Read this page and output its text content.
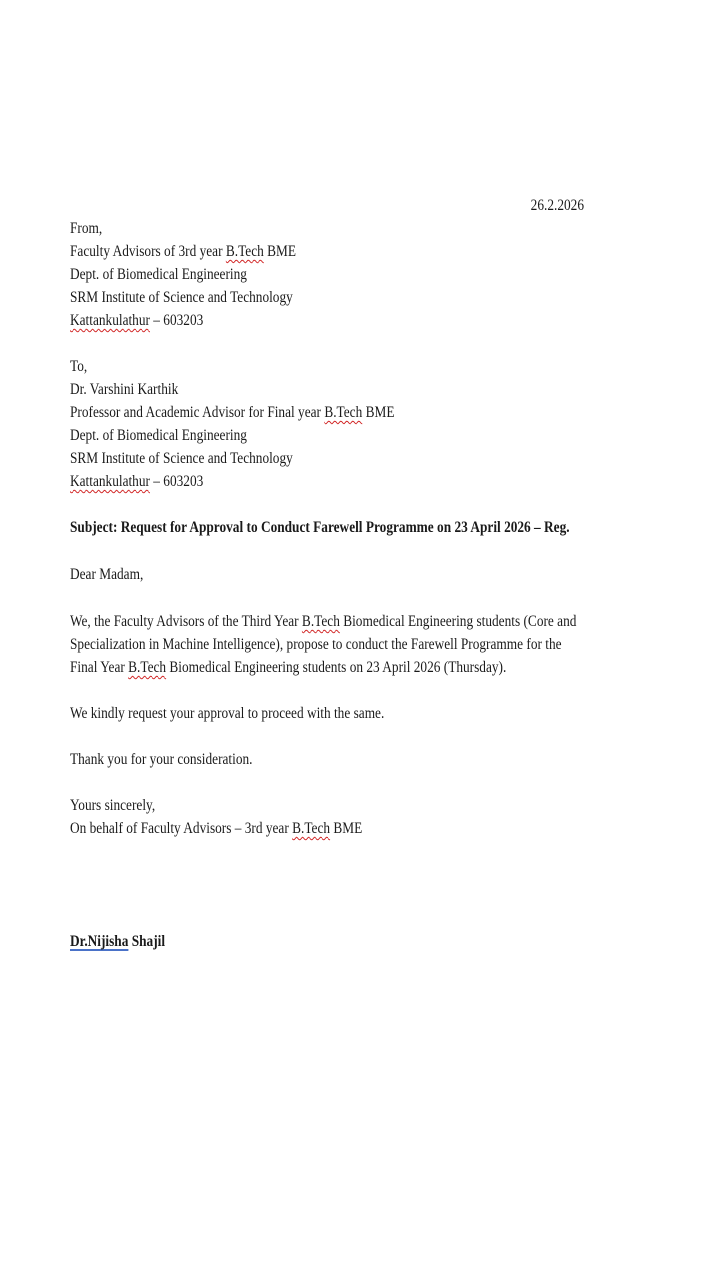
26.2.2026
From,
Faculty Advisors of 3rd year B.Tech BME
Dept. of Biomedical Engineering
SRM Institute of Science and Technology
Kattankulathur – 603203
To,
Dr. Varshini Karthik
Professor and Academic Advisor for Final year B.Tech BME
Dept. of Biomedical Engineering
SRM Institute of Science and Technology
Kattankulathur – 603203
Subject: Request for Approval to Conduct Farewell Programme on 23 April 2026 – Reg.
Dear Madam,
We, the Faculty Advisors of the Third Year B.Tech Biomedical Engineering students (Core and
Specialization in Machine Intelligence), propose to conduct the Farewell Programme for the
Final Year B.Tech Biomedical Engineering students on 23 April 2026 (Thursday).
We kindly request your approval to proceed with the same.
Thank you for your consideration.
Yours sincerely,
On behalf of Faculty Advisors – 3rd year B.Tech BME
Dr.Nijisha Shajil
